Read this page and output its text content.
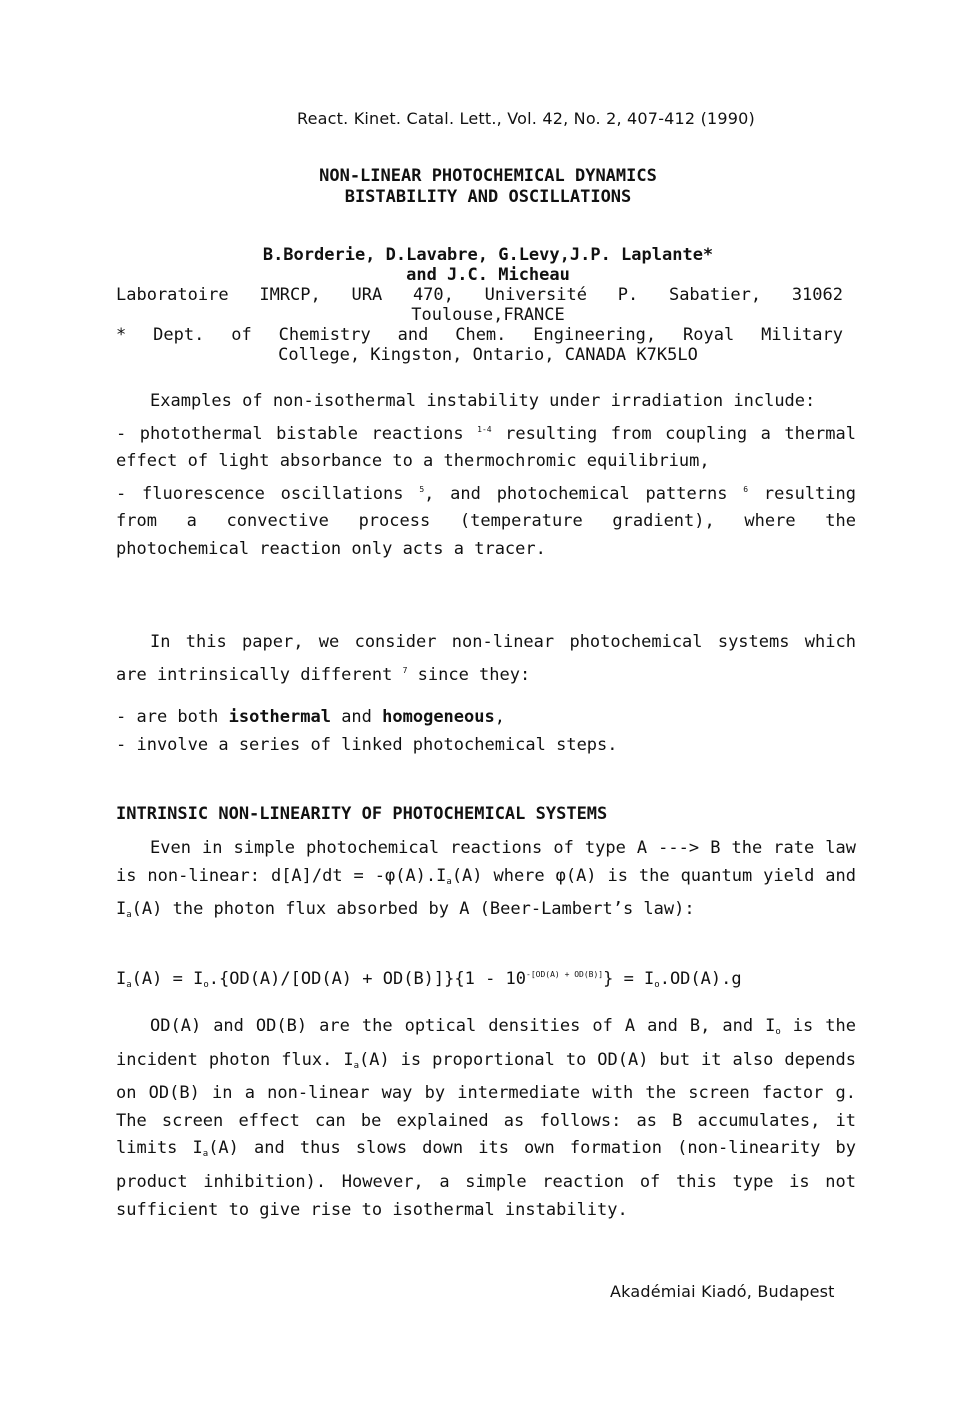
React. Kinet. Catal. Lett., Vol. 42, No. 2, 407-412 (1990)
NON-LINEAR PHOTOCHEMICAL DYNAMICS
BISTABILITY AND OSCILLATIONS
B.Borderie, D.Lavabre, G.Levy,J.P. Laplante*
and J.C. Micheau
Laboratoire IMRCP, URA 470, Université P. Sabatier, 31062
Toulouse,FRANCE
* Dept. of Chemistry and Chem. Engineering, Royal Military
College, Kingston, Ontario, CANADA K7K5LO
Examples of non-isothermal instability under irradiation include:
- photothermal bistable reactions $^{1-4}$ resulting from coupling a thermal effect of light absorbance to a thermochromic equilibrium,
- fluorescence oscillations $^5$, and photochemical patterns $^6$ resulting from a convective process (temperature gradient), where the photochemical reaction only acts a tracer.
In this paper, we consider non-linear photochemical systems which are intrinsically different $^7$ since they:
- are both isothermal and homogeneous,
- involve a series of linked photochemical steps.
INTRINSIC NON-LINEARITY OF PHOTOCHEMICAL SYSTEMS
Even in simple photochemical reactions of type A ---> B the rate law is non-linear: $d[A]/dt = -\varphi(A).I_a(A)$ where φ(A) is the quantum yield and $I_a(A)$ the photon flux absorbed by A (Beer-Lambert’s law):
$I_a(A) = I_o.\{OD(A)/[OD(A) + OD(B)]\}\{1 - 10^{-[OD(A) + OD(B)]}\} = I_o.OD(A).g$
OD(A) and OD(B) are the optical densities of A and B, and $I_o$ is the incident photon flux. $I_a(A)$ is proportional to OD(A) but it also depends on OD(B) in a non-linear way by intermediate with the screen factor g. The screen effect can be explained as follows: as B accumulates, it limits $I_a(A)$ and thus slows down its own formation (non-linearity by product inhibition). However, a simple reaction of this type is not sufficient to give rise to isothermal instability.
Akadémiai Kiadó, Budapest
